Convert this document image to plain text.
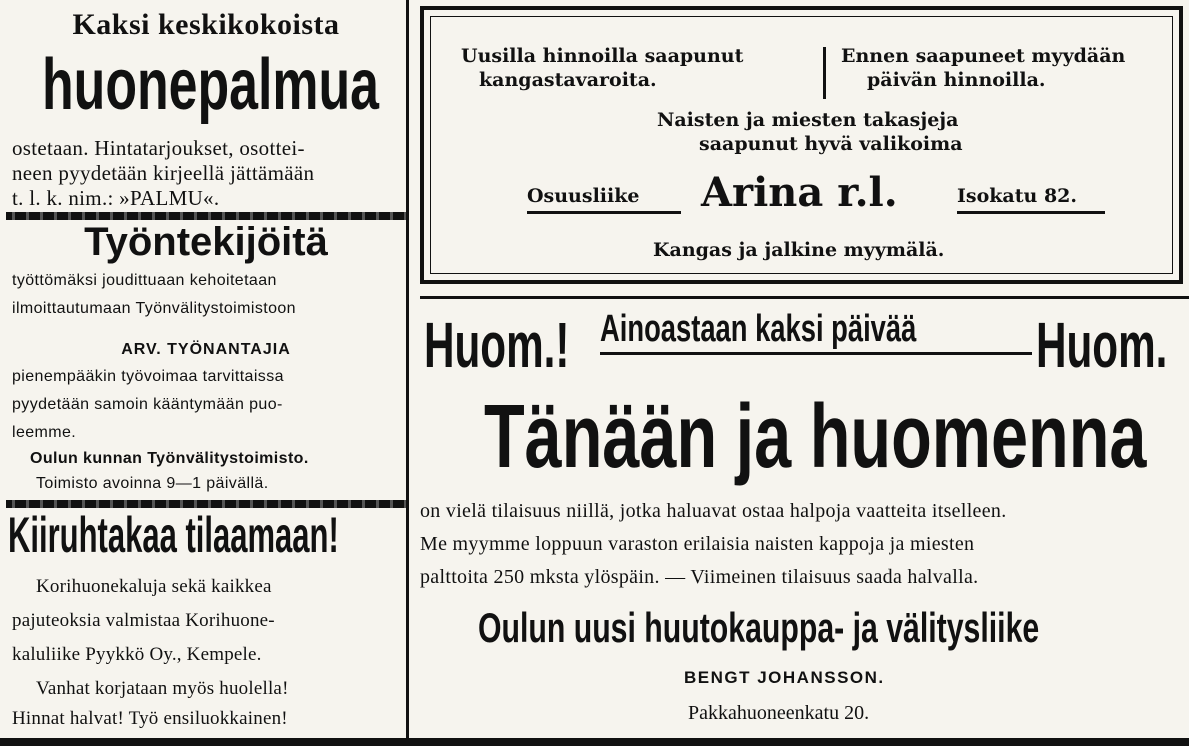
Kaksi keskikokoista
huonepalmua
ostetaan. Hintatarjoukset, osottei-
neen pyydetään kirjeellä jättämään
t. l. k. nim.: »PALMU«.
Työntekijöitä
työttömäksi joudittuaan kehoitetaan
ilmoittautumaan Työnvälitystoimistoon
ARV. TYÖNANTAJIA
pienempääkin työvoimaa tarvittaissa
pyydetään samoin kääntymään puo-
leemme.
Oulun kunnan Työnvälitystoimisto.
Toimisto avoinna 9—1 päivällä.
Kiiruhtakaa tilaamaan!
Korihuonekaluja sekä kaikkea
pajuteoksia valmistaa Korihuone-
kaluliike Pyykkö Oy., Kempele.
Vanhat korjataan myös huolella!
Hinnat halvat! Työ ensiluokkainen!
Uusilla hinnoilla saapunut
kangastavaroita.
Ennen saapuneet myydään
päivän hinnoilla.
Naisten ja miesten takasjeja
saapunut hyvä valikoima
Osuusliike Arina r.l.	Isokatu 82.
Kangas ja jalkine myymälä.
Huom.! Ainoastaan kaksi päivää Huom.
Tänään ja huomenna
on vielä tilaisuus niillä, jotka haluavat ostaa halpoja vaatteita itselleen.
Me myymme loppuun varaston erilaisia naisten kappoja ja miesten
palttoita 250 mksta ylöspäin. — Viimeinen tilaisuus saada halvalla.
Oulun uusi huutokauppa- ja välitysliike
BENGT JOHANSSON.
Pakkahuoneenkatu 20.
